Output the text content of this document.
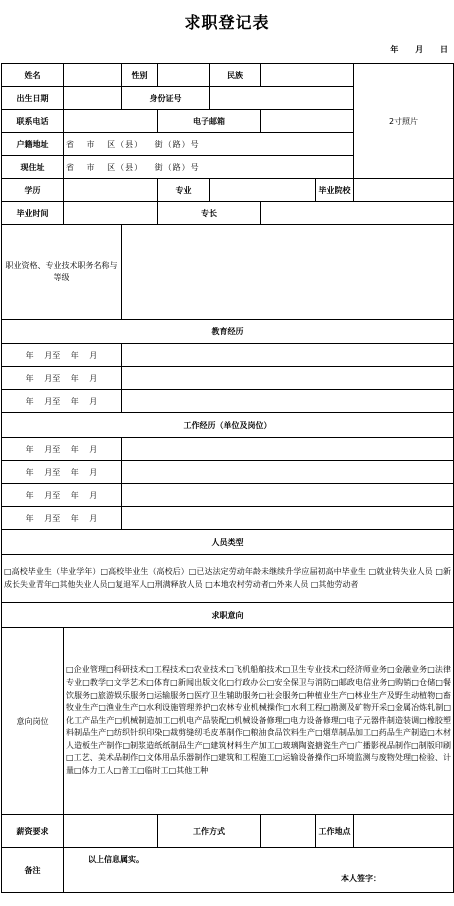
求职登记表
年 月 日
姓名		性别		民族			2寸照片
出生日期		身份证号					
联系电话			电子邮箱				
户籍地址	省 市 区（县） 街（路）号						
现住址	省 市 区（县） 街（路）号						
学历			专业			毕业院校	
毕业时间			专长				
职业资格、专业技术职务名称与等级							
教育经历							
年 月至 年 月							
年 月至 年 月							
年 月至 年 月							
工作经历（单位及岗位）							
年 月至 年 月							
年 月至 年 月							
年 月至 年 月							
年 月至 年 月							
人员类型							
□高校毕业生（毕业学年）□高校毕业生（高校后）□已达法定劳动年龄未继续升学应届初高中毕业生 □就业转失业人员 □新成长失业青年□其他失业人员□复退军人□刑满释放人员 □本地农村劳动者□外来人员 □其他劳动者							
求职意向							
意向岗位	□企业管理□科研技术□工程技术□农业技术□飞机船舶技术□卫生专业技术□经济师业务□金融业务□法律专业□教学□文学艺术□体育□新闻出版文化□行政办公□安全保卫与消防□邮政电信业务□购销□仓储□餐饮服务□旅游娱乐服务□运输服务□医疗卫生辅助服务□社会服务□种植业生产□林业生产及野生动植物□畜牧业生产□渔业生产□水利设施管理养护□农林专业机械操作□水利工程□勘测及矿物开采□金属冶炼轧制□化工产品生产□机械制造加工□机电产品装配□机械设备修理□电力设备修理□电子元器件制造装调□橡胶塑料制品生产□纺织针织印染□裁剪缝纫毛皮革制作□粮油食品饮料生产□烟草制品加工□药品生产制造□木材人造板生产制作□制浆造纸纸制品生产□建筑材料生产加工□玻璃陶瓷搪瓷生产□广播影视品制作□制版印刷□工艺、美术品制作□文体用品乐器制作□建筑和工程施工□运输设备操作□环境监测与废物处理□检验、计量□体力工人□普工□临时工□其他工种						
薪资要求			工作方式			工作地点	
备注	以上信息属实。
本人签字：						
